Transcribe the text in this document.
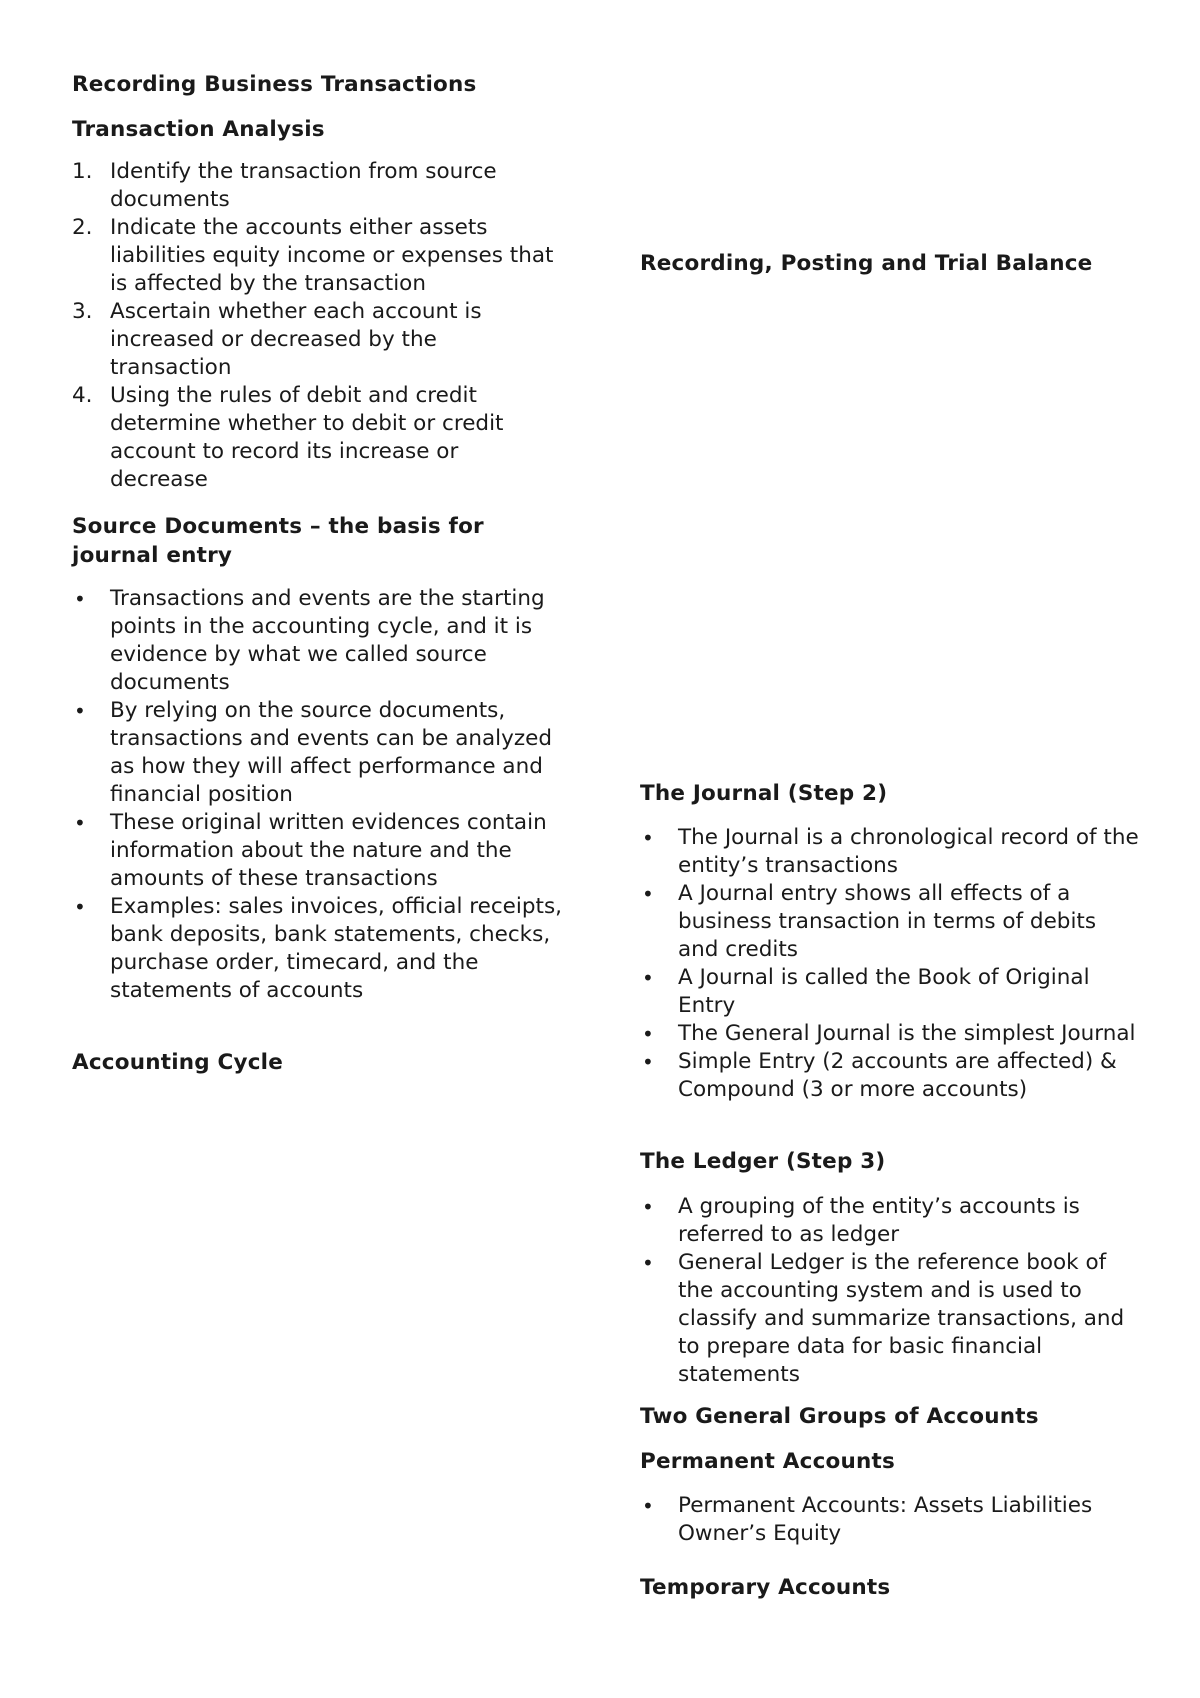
Recording Business Transactions
Transaction Analysis
1. Identify the transaction from source documents
2. Indicate the accounts either assets liabilities equity income or expenses that is affected by the transaction
3. Ascertain whether each account is increased or decreased by the transaction
4. Using the rules of debit and credit determine whether to debit or credit account to record its increase or decrease
Source Documents – the basis for journal entry
• Transactions and events are the starting points in the accounting cycle, and it is evidence by what we called source documents
• By relying on the source documents, transactions and events can be analyzed as how they will affect performance and financial position
• These original written evidences contain information about the nature and the amounts of these transactions
• Examples: sales invoices, official receipts, bank deposits, bank statements, checks, purchase order, timecard, and the statements of accounts
Accounting Cycle
Recording, Posting and Trial Balance
The Journal (Step 2)
• The Journal is a chronological record of the entity’s transactions
• A Journal entry shows all effects of a business transaction in terms of debits and credits
• A Journal is called the Book of Original Entry
• The General Journal is the simplest Journal
• Simple Entry (2 accounts are affected) & Compound (3 or more accounts)
The Ledger (Step 3)
• A grouping of the entity’s accounts is referred to as ledger
• General Ledger is the reference book of the accounting system and is used to classify and summarize transactions, and to prepare data for basic financial statements
Two General Groups of Accounts
Permanent Accounts
• Permanent Accounts: Assets Liabilities Owner’s Equity
Temporary Accounts
